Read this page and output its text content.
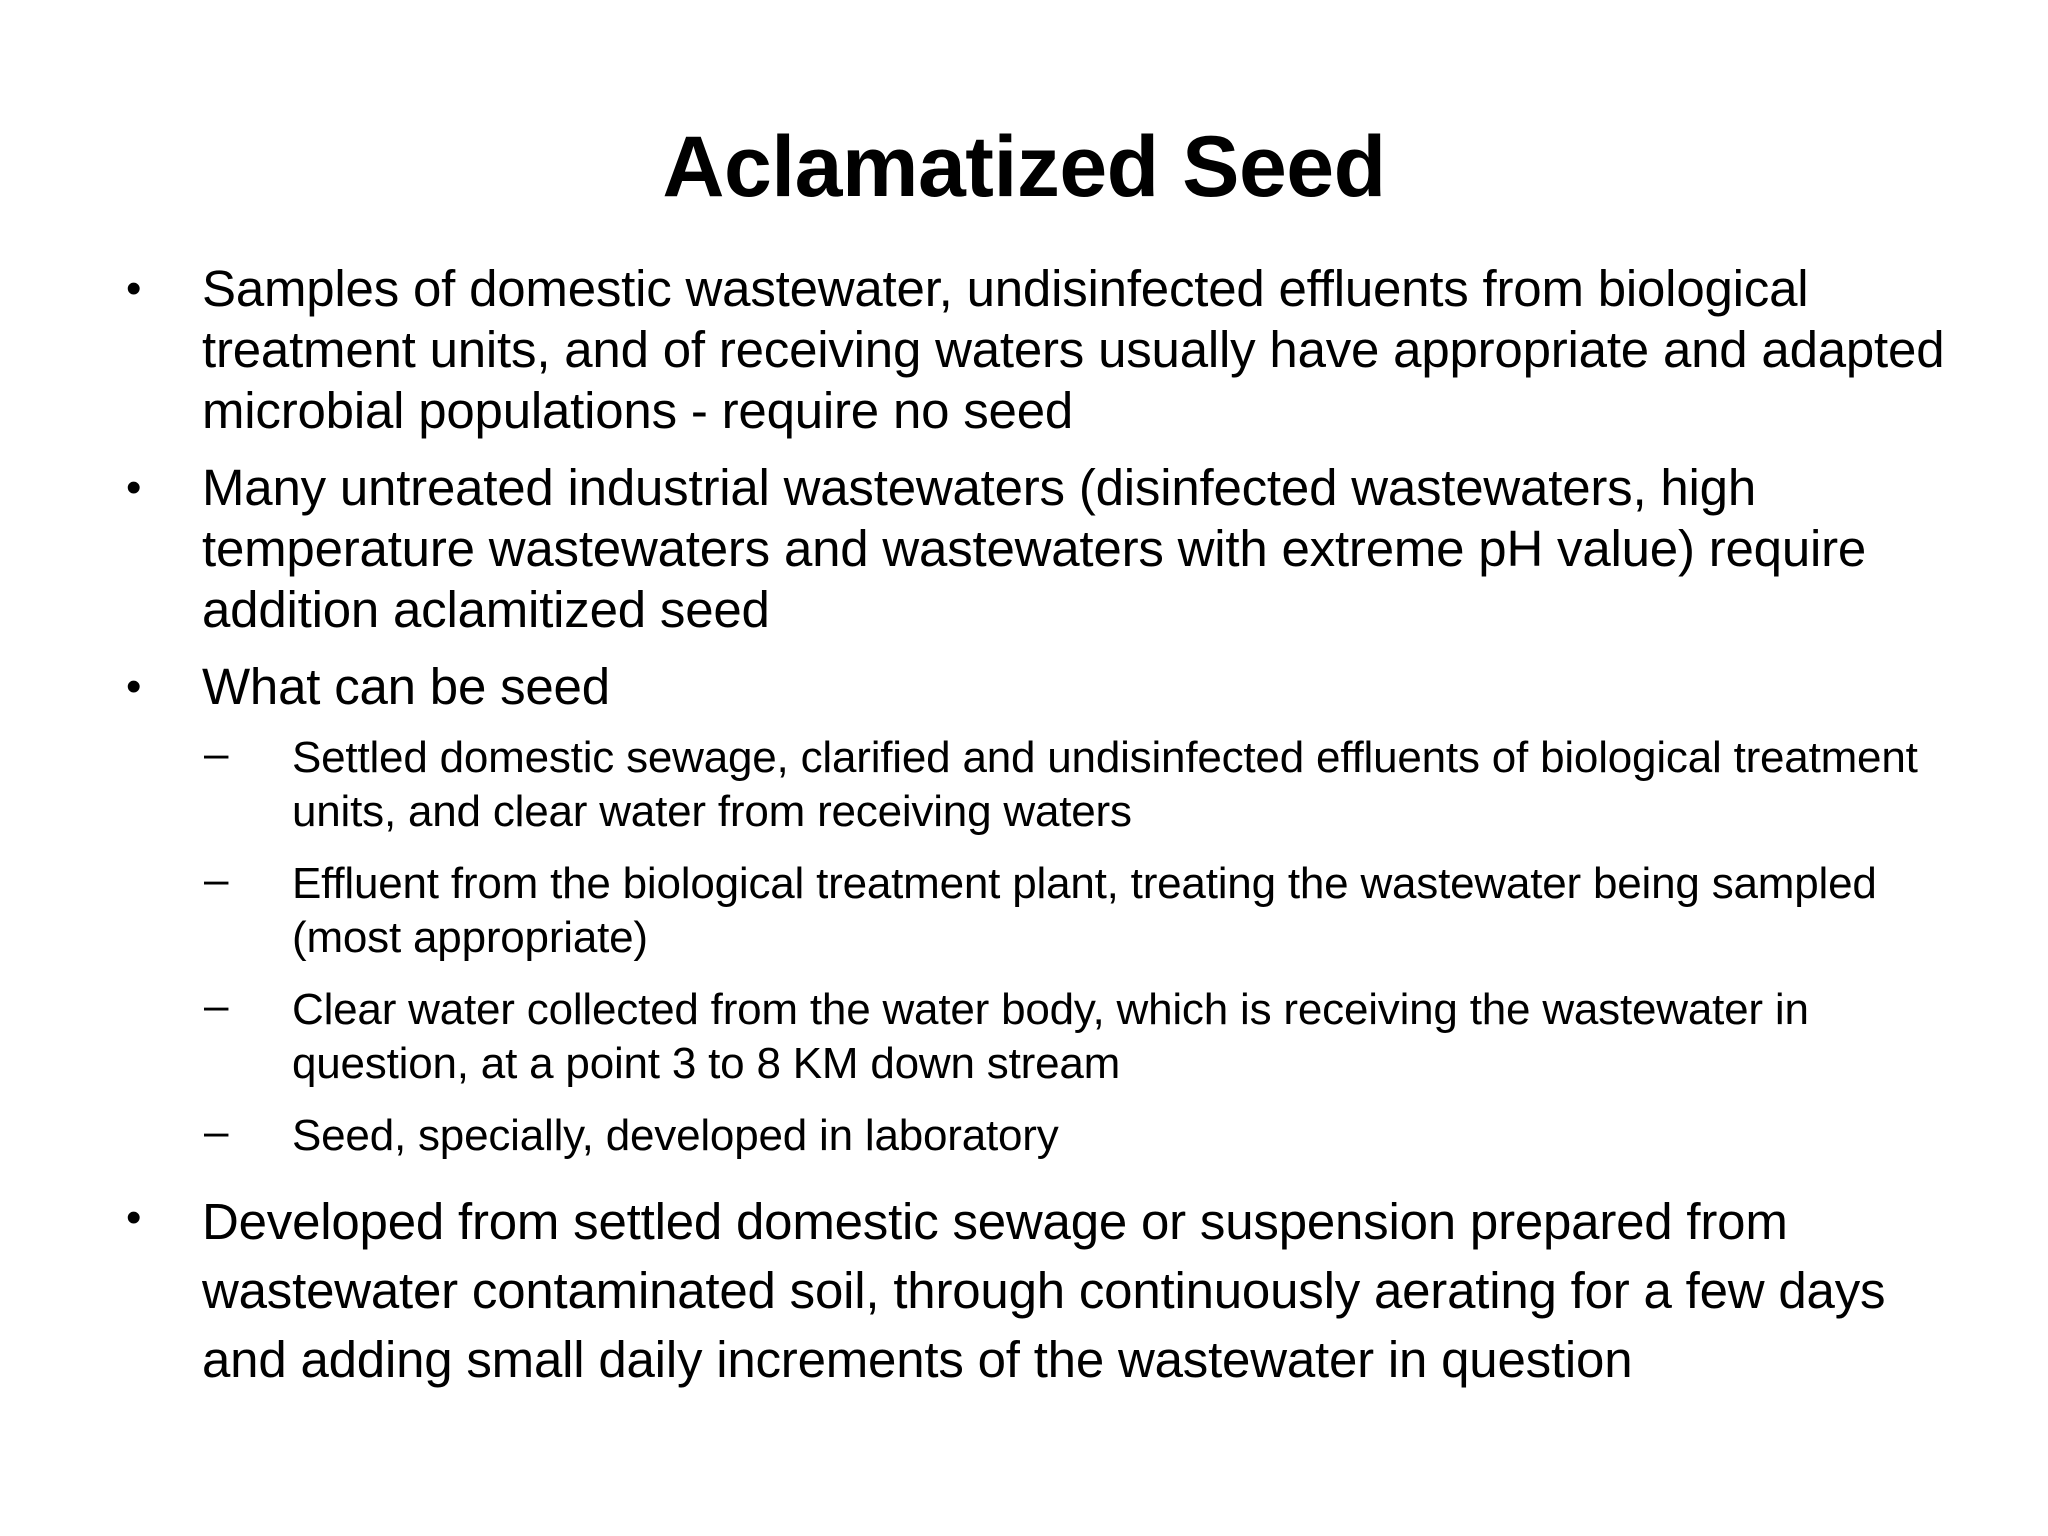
Aclamatized Seed
• Samples of domestic wastewater, undisinfected effluents from biological treatment units, and of receiving waters usually have appropriate and adapted microbial populations - require no seed
• Many untreated industrial wastewaters (disinfected wastewaters, high temperature wastewaters and wastewaters with extreme pH value) require addition aclamitized seed
• What can be seed
– Settled domestic sewage, clarified and undisinfected effluents of biological treatment units, and clear water from receiving waters
– Effluent from the biological treatment plant, treating the wastewater being sampled (most appropriate)
– Clear water collected from the water body, which is receiving the wastewater in question, at a point 3 to 8 KM down stream
– Seed, specially, developed in laboratory
• Developed from settled domestic sewage or suspension prepared from wastewater contaminated soil, through continuously aerating for a few days and adding small daily increments of the wastewater in question
